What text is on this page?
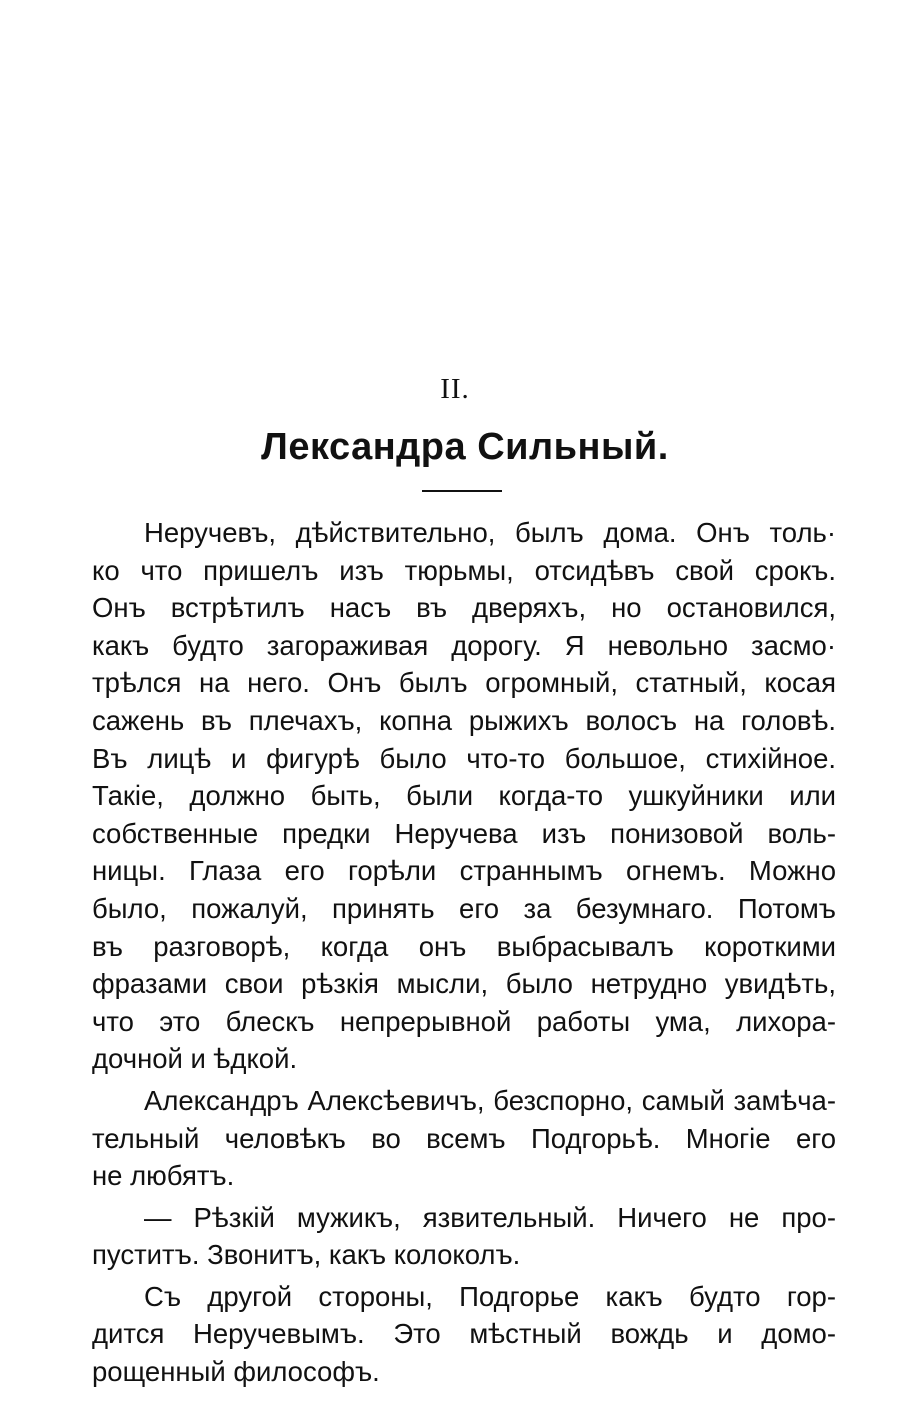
II.
Лександра Сильный.
Неручевъ, дѣйствительно, былъ дома. Онъ толь·
ко что пришелъ изъ тюрьмы, отсидѣвъ свой срокъ.
Онъ встрѣтилъ насъ въ дверяхъ, но остановился,
какъ будто загораживая дорогу. Я невольно засмо·
трѣлся на него. Онъ былъ огромный, статный, косая
сажень въ плечахъ, копна рыжихъ волосъ на головѣ.
Въ лицѣ и фигурѣ было что-то большое, стихійное.
Такіе, должно быть, были когда-то ушкуйники или
собственные предки Неручева изъ понизовой воль-
ницы. Глаза его горѣли страннымъ огнемъ. Можно
было, пожалуй, принять его за безумнаго. Потомъ
въ разговорѣ, когда онъ выбрасывалъ короткими
фразами свои рѣзкія мысли, было нетрудно увидѣть,
что это блескъ непрерывной работы ума, лихора-
дочной и ѣдкой.
Александръ Алексѣевичъ, безспорно, самый замѣча-
тельный человѣкъ во всемъ Подгорьѣ. Многіе его
не любятъ.
— Рѣзкій мужикъ, язвительный. Ничего не про-
пуститъ. Звонитъ, какъ колоколъ.
Съ другой стороны, Подгорье какъ будто гор-
дится Неручевымъ. Это мѣстный вождь и домо-
рощенный философъ.
